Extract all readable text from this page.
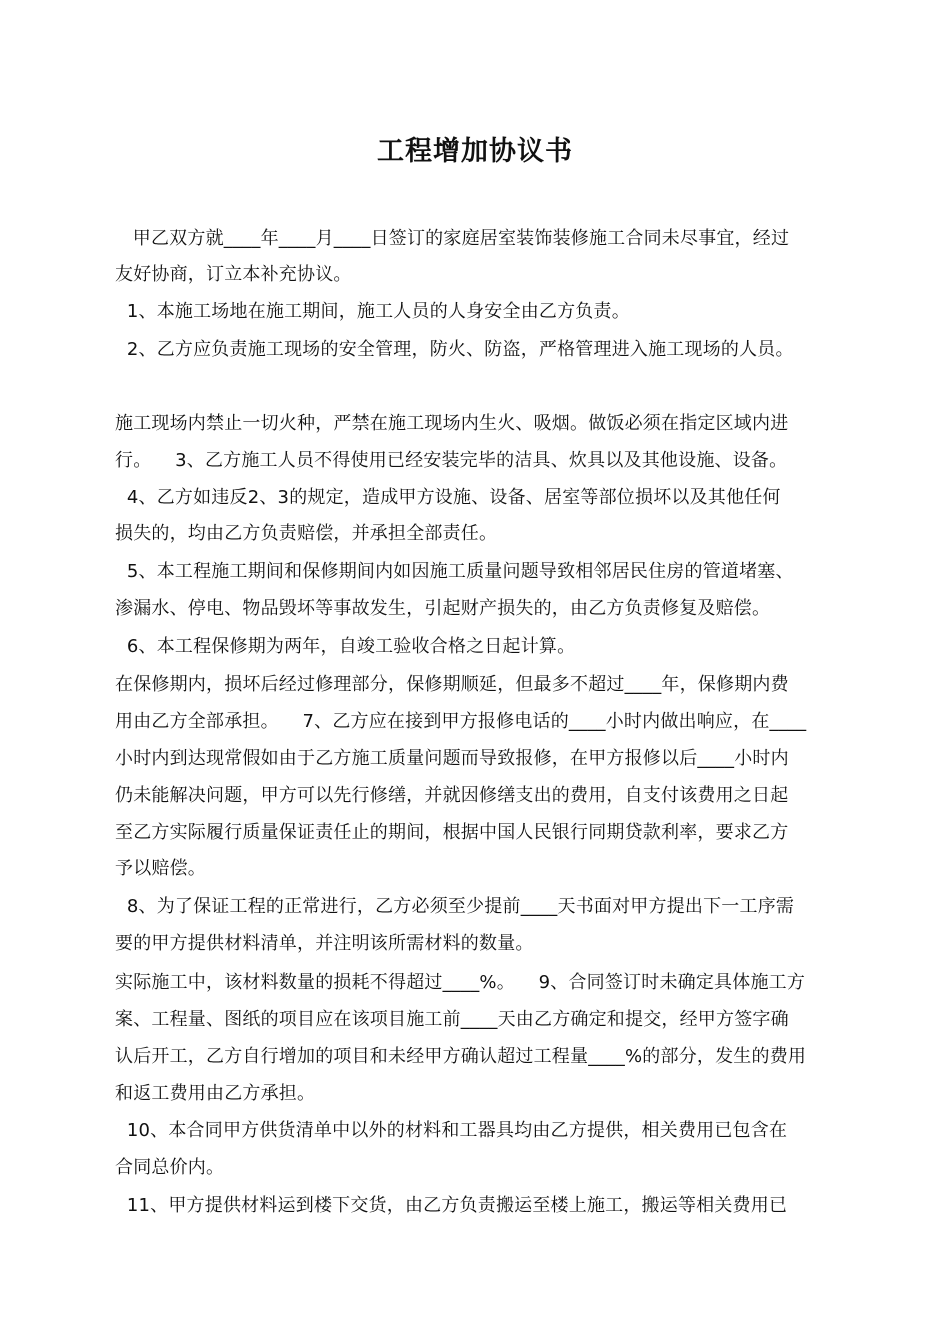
工程增加协议书
甲乙双方就____年____月____日签订的家庭居室装饰装修施工合同未尽事宜，经过
友好协商，订立本补充协议。
1、本施工场地在施工期间，施工人员的人身安全由乙方负责。
2、乙方应负责施工现场的安全管理，防火、防盗，严格管理进入施工现场的人员。
施工现场内禁止一切火种，严禁在施工现场内生火、吸烟。做饭必须在指定区域内进
行。    3、乙方施工人员不得使用已经安装完毕的洁具、炊具以及其他设施、设备。
4、乙方如违反2、3的规定，造成甲方设施、设备、居室等部位损坏以及其他任何
损失的，均由乙方负责赔偿，并承担全部责任。
5、本工程施工期间和保修期间内如因施工质量问题导致相邻居民住房的管道堵塞、
渗漏水、停电、物品毁坏等事故发生，引起财产损失的，由乙方负责修复及赔偿。
6、本工程保修期为两年，自竣工验收合格之日起计算。
在保修期内，损坏后经过修理部分，保修期顺延，但最多不超过____年，保修期内费
用由乙方全部承担。    7、乙方应在接到甲方报修电话的____小时内做出响应，在____
小时内到达现常假如由于乙方施工质量问题而导致报修，在甲方报修以后____小时内
仍未能解决问题，甲方可以先行修缮，并就因修缮支出的费用，自支付该费用之日起
至乙方实际履行质量保证责任止的期间，根据中国人民银行同期贷款利率，要求乙方
予以赔偿。
8、为了保证工程的正常进行，乙方必须至少提前____天书面对甲方提出下一工序需
要的甲方提供材料清单，并注明该所需材料的数量。
实际施工中，该材料数量的损耗不得超过____%。    9、合同签订时未确定具体施工方
案、工程量、图纸的项目应在该项目施工前____天由乙方确定和提交，经甲方签字确
认后开工，乙方自行增加的项目和未经甲方确认超过工程量____%的部分，发生的费用
和返工费用由乙方承担。
10、本合同甲方供货清单中以外的材料和工器具均由乙方提供，相关费用已包含在
合同总价内。
11、甲方提供材料运到楼下交货，由乙方负责搬运至楼上施工，搬运等相关费用已
